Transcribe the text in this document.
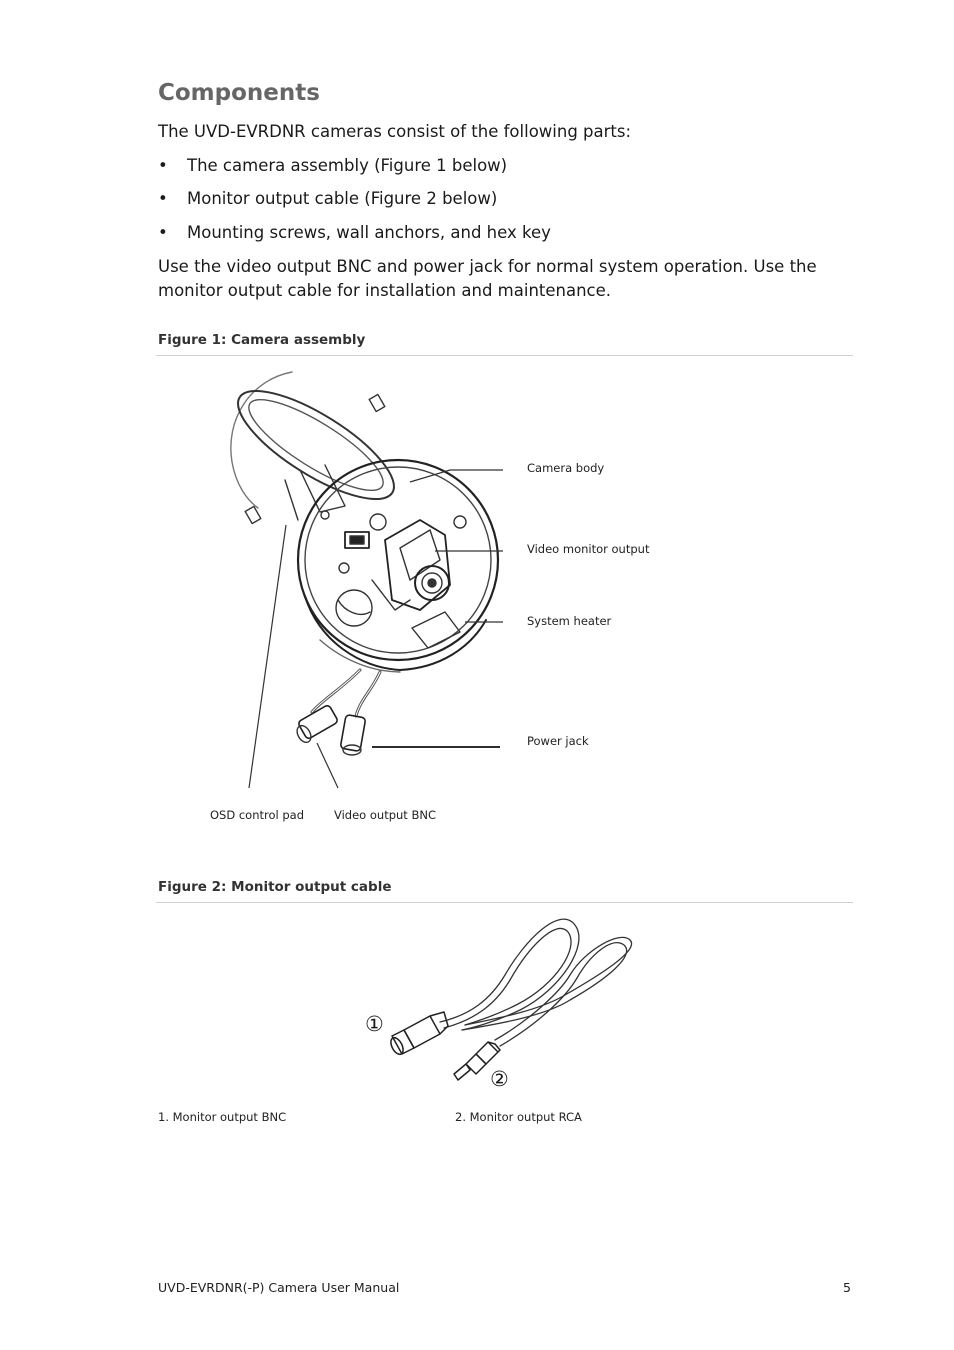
Components
The UVD-EVRDNR cameras consist of the following parts:
•	The camera assembly (Figure 1 below)
•	Monitor output cable (Figure 2 below)
•	Mounting screws, wall anchors, and hex key
Use the video output BNC and power jack for normal system operation. Use the
monitor output cable for installation and maintenance.
Figure 1: Camera assembly
Camera body
Video monitor output
System heater
Power jack
OSD control pad	Video output BNC
Figure 2: Monitor output cable
①
②
1. Monitor output BNC	2. Monitor output RCA
UVD-EVRDNR(-P) Camera User Manual	5
